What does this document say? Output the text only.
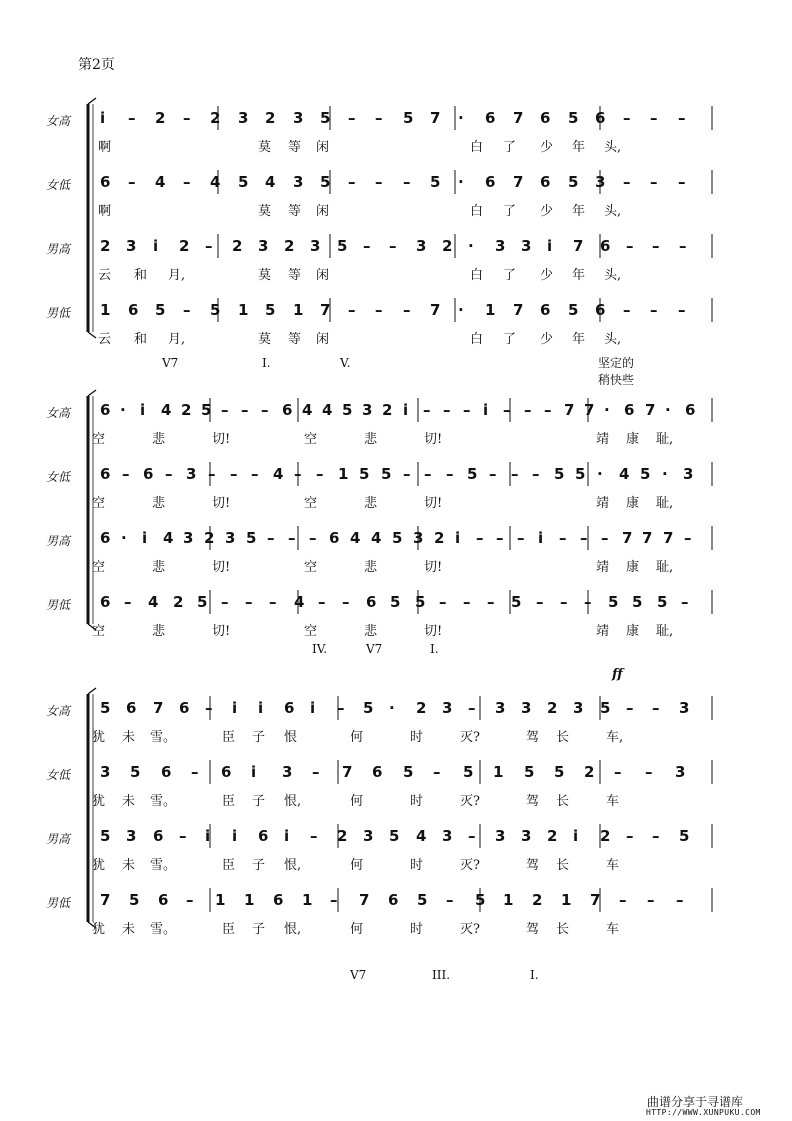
第2页
女高 i – 2 – 2 3 2 3 5 – – 5 7 · 6 7 6 5 6 – – –
啊	莫 等 闲	白 了 少 年 头,
女低 6 – 4 – 4 5 4 3 5 – – – 5 · 6 7 6 5 3 – – –
啊	莫 等 闲	白 了 少 年 头,
男高 2 3 i 2 – 2 3 2 3 5 – – 3 2 · 3 3 i 7 6 – – –
云 和 月,	莫 等 闲	白 了 少 年 头,
男低 1 6 5 – 5 1 5 1 7 – – – 7 · 1 7 6 5 6 – – –
云 和 月,	莫 等 闲	白 了 少 年 头,
V7	I.	V.	坚定的
稍快些
女高 6 · i 4 2 5 – – – 6 4 4 5 3 2 i – – – i – – – 7 7 · 6 7 · 6
空	悲	切!	空	悲	切!	靖 康 耻,
女低 6 – 6 – 3 – – – 4 – – 1 5 5 – – – 5 – – – 5 5 · 4 5 · 3
空	悲	切!	空	悲	切!	靖 康 耻,
男高 6 · i 4 3 2 3 5 – – – 6 4 4 5 3 2 i – – – i – – – 7 7 7 –
空	悲	切!	空	悲	切!	靖 康 耻,
男低 6 – 4 2 5 – – – 4 – – 6 5 5 – – – 5 – – – 5 5 5 –
空	悲	切!	空	悲	切!	靖 康 耻,
IV.	V7	I.
女高 5 6 7 6 – i i 6 i – 5 · 2 3 – 3 3 2 3 5 – – 3
犹 未 雪。	臣 子 恨	何	时	灭?	驾 长	车,
女低 3 5 6 – 6 i 3 – 7 6 5 – 5 1 5 5 2 – – 3
犹 未 雪。	臣 子 恨,	何	时	灭?	驾 长	车
男高 5 3 6 – i i 6 i – 2 3 5 4 3 – 3 3 2 i 2 – – 5
犹 未 雪。	臣 子 恨,	何	时	灭?	驾 长	车
男低 7 5 6 – 1 1 6 1 – 7 6 5 – 5 1 2 1 7 – – –
犹 未 雪。	臣 子 恨,	何	时	灭?	驾 长	车
V7	III.	I.
ff
曲谱分享于寻谱库
HTTP://WWW.XUNPUKU.COM
